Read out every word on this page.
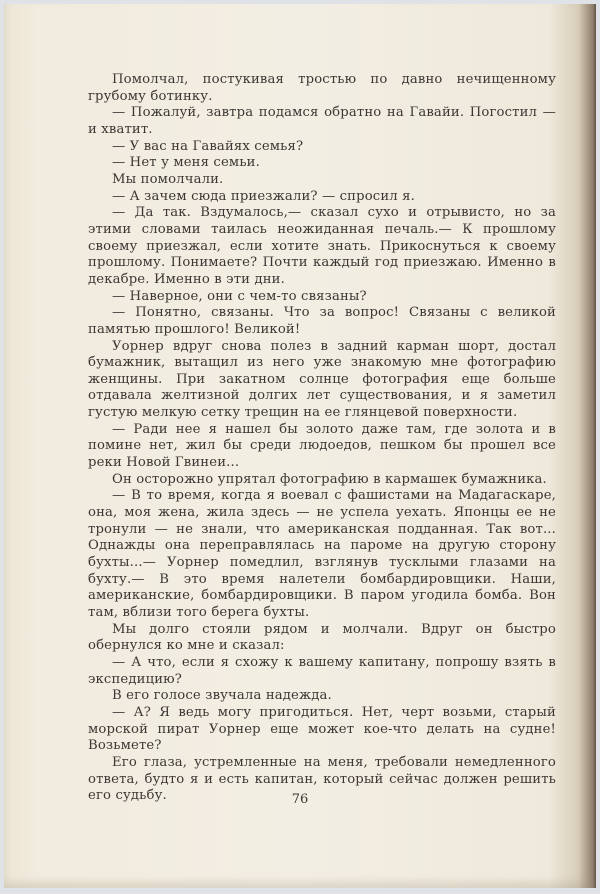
Помолчал, постукивая тростью по давно нечищенному грубому ботинку.

— Пожалуй, завтра подамся обратно на Гавайи. Погостил — и хватит.

— У вас на Гавайях семья?

— Нет у меня семьи.

Мы помолчали.

— А зачем сюда приезжали? — спросил я.

— Да так. Вздумалось,— сказал сухо и отрывисто, но за этими словами таилась неожиданная печаль.— К прошлому своему приезжал, если хотите знать. Прикоснуться к своему прошлому. Понимаете? Почти каждый год приезжаю. Именно в декабре. Именно в эти дни.

— Наверное, они с чем-то связаны?

— Понятно, связаны. Что за вопрос! Связаны с великой памятью прошлого! Великой!

Уорнер вдруг снова полез в задний карман шорт, достал бумажник, вытащил из него уже знакомую мне фотографию женщины. При закатном солнце фотография еще больше отдавала желтизной долгих лет существования, и я заметил густую мелкую сетку трещин на ее глянцевой поверхности.

— Ради нее я нашел бы золото даже там, где золота и в помине нет, жил бы среди людоедов, пешком бы прошел все реки Новой Гвинеи...

Он осторожно упрятал фотографию в кармашек бумажника.

— В то время, когда я воевал с фашистами на Мадагаскаре, она, моя жена, жила здесь — не успела уехать. Японцы ее не тронули — не знали, что американская подданная. Так вот... Однажды она переправлялась на пароме на другую сторону бухты...— Уорнер помедлил, взглянув тусклыми глазами на бухту.— В это время налетели бомбардировщики. Наши, американские, бомбардировщики. В паром угодила бомба. Вон там, вблизи того берега бухты.

Мы долго стояли рядом и молчали. Вдруг он быстро обернулся ко мне и сказал:

— А что, если я схожу к вашему капитану, попрошу взять в экспедицию?

В его голосе звучала надежда.

— А? Я ведь могу пригодиться. Нет, черт возьми, старый морской пират Уорнер еще может кое-что делать на судне! Возьмете?

Его глаза, устремленные на меня, требовали немедленного ответа, будто я и есть капитан, который сейчас должен решить его судьбу.	76
